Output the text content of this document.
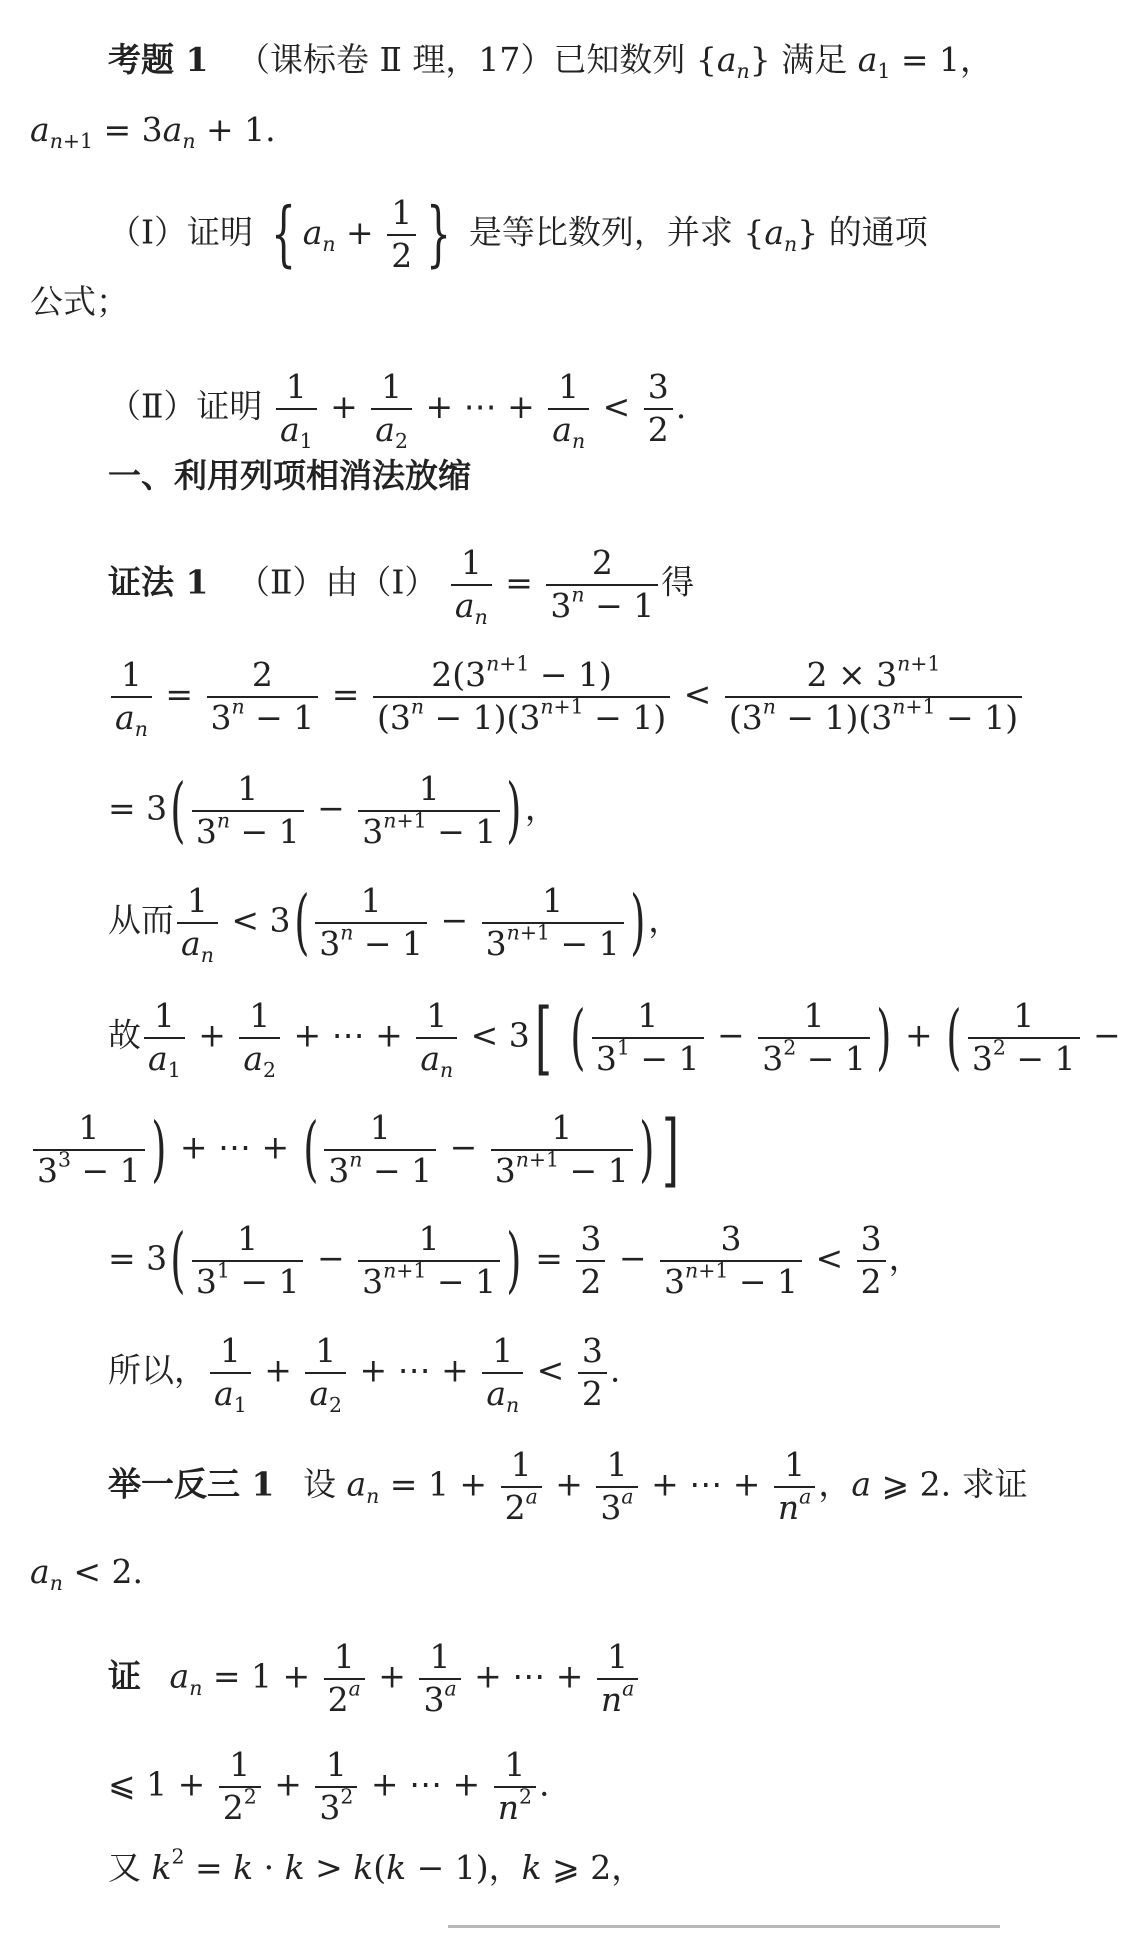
考题 1 （课标卷 Ⅱ 理，17）已知数列 $\{a_n\}$ 满足 $a_1 = 1$，
$a_{n+1} = 3a_n + 1$.
（Ⅰ）证明 { $a_n + \frac{1}{2}$ } 是等比数列，并求 $\{a_n\}$ 的通项
公式；
（Ⅱ）证明 $\frac{1}{a_1} + \frac{1}{a_2}$ + ⋯ + $\frac{1}{a_n} < \frac{3}{2}$ .
一、利用列项相消法放缩
证法 1 （Ⅱ）由（Ⅰ） $\frac{1}{a_n} = \frac{2}{3^n - 1}$ 得
$\frac{1}{a_n} = \frac{2}{3^n - 1} = \frac{2(3^{n+1} - 1)}{(3^n - 1)(3^{n+1} - 1)} < \frac{2 \times 3^{n+1}}{(3^n - 1)(3^{n+1} - 1)}$
= $3( \frac{1}{3^n - 1} - \frac{1}{3^{n+1} - 1}$ )，
从而 $\frac{1}{a_n} < 3( \frac{1}{3^n - 1} - \frac{1}{3^{n+1} - 1}$ )，
故 $\frac{1}{a_1} + \frac{1}{a_2}$ + ⋯ + $\frac{1}{a_n} < 3$[ ( $\frac{1}{3^1 - 1} - \frac{1}{3^2 - 1}$ ) + ( $\frac{1}{3^2 - 1}$ −
$\frac{1}{3^3 - 1}$ ) + ⋯ + ( $\frac{1}{3^n - 1} - \frac{1}{3^{n+1} - 1}$ ) ]
= $3( \frac{1}{3^1 - 1} - \frac{1}{3^{n+1} - 1}$ ) = $\frac{3}{2} - \frac{3}{3^{n+1} - 1} < \frac{3}{2}$ ，
所以， $\frac{1}{a_1} + \frac{1}{a_2}$ + ⋯ + $\frac{1}{a_n} < \frac{3}{2}$ .
举一反三 1 设 $a_n = 1 + \frac{1}{2^a} + \frac{1}{3^a}$ + ⋯ + $\frac{1}{n^a}$ ，a ⩾ 2. 求证
$a_n < 2$.
证 $a_n = 1 + \frac{1}{2^a} + \frac{1}{3^a}$ + ⋯ + $\frac{1}{n^a}$
⩽ $1 + \frac{1}{2^2} + \frac{1}{3^2}$ + ⋯ + $\frac{1}{n^2}$ .
又 $k^2 = k \cdot k > k(k - 1)$，k ⩾ 2，
